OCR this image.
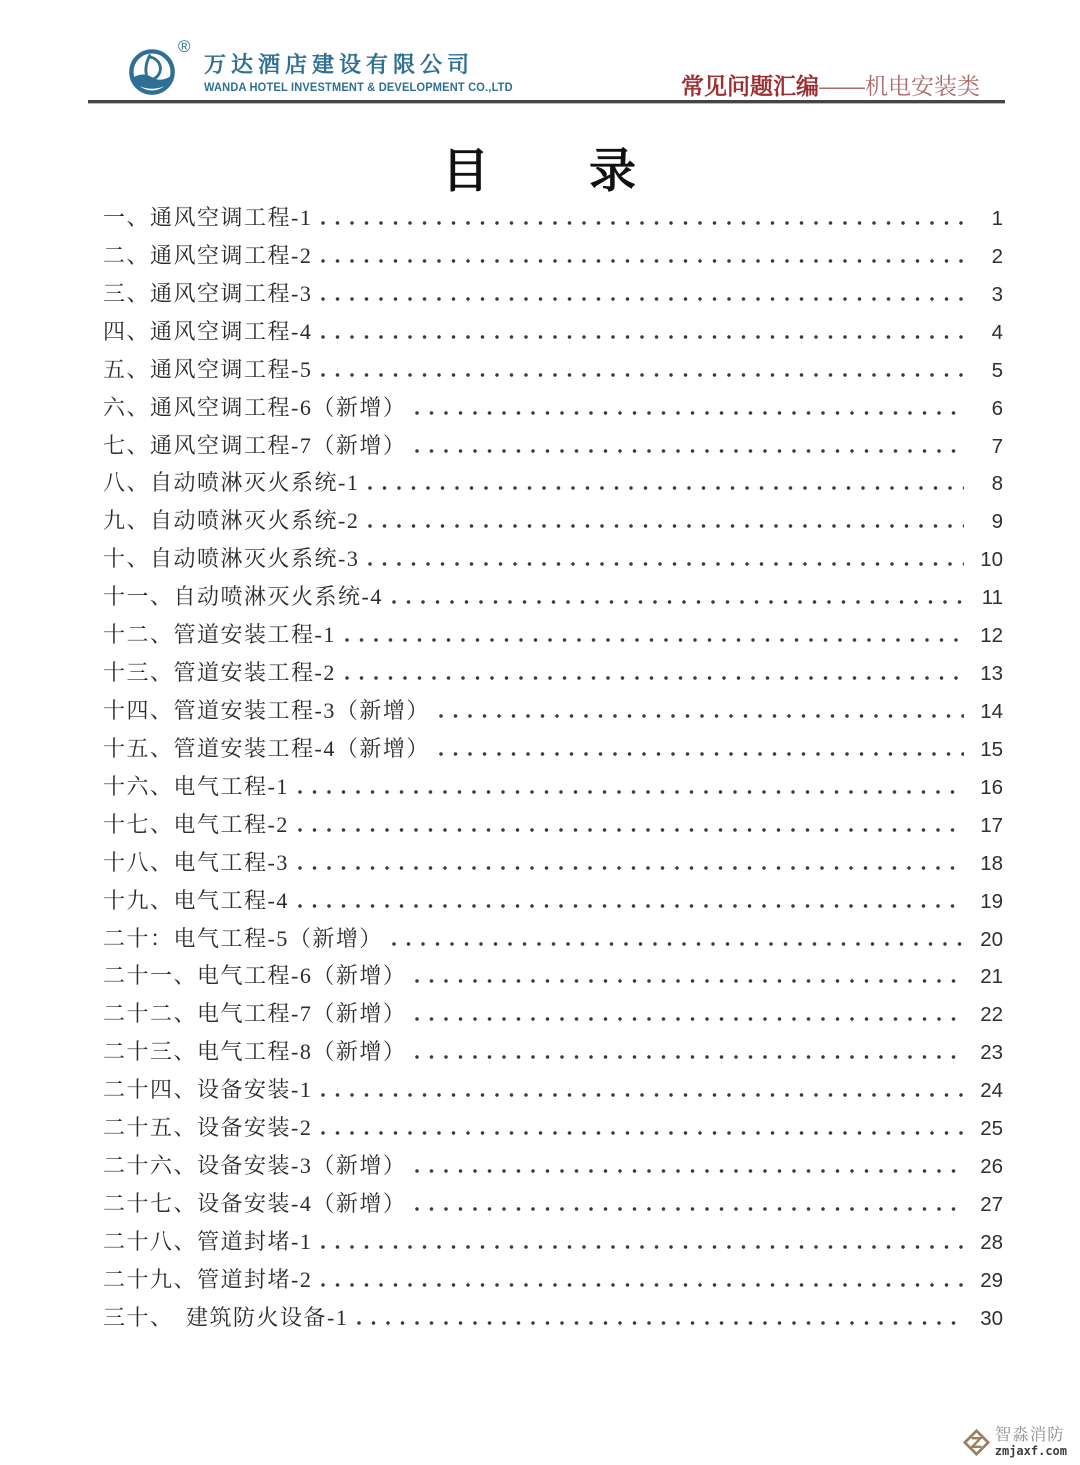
®
万达酒店建设有限公司
WANDA HOTEL INVESTMENT & DEVELOPMENT CO.,LTD	常见问题汇编——机电安装类
目　　录
一、通风空调工程-1	1
二、通风空调工程-2	2
三、通风空调工程-3	3
四、通风空调工程-4	4
五、通风空调工程-5	5
六、通风空调工程-6（新增）	6
七、通风空调工程-7（新增）	7
八、自动喷淋灭火系统-1	8
九、自动喷淋灭火系统-2	9
十、自动喷淋灭火系统-3	10
十一、自动喷淋灭火系统-4	11
十二、管道安装工程-1	12
十三、管道安装工程-2	13
十四、管道安装工程-3（新增）	14
十五、管道安装工程-4（新增）	15
十六、电气工程-1	16
十七、电气工程-2	17
十八、电气工程-3	18
十九、电气工程-4	19
二十：电气工程-5（新增）	20
二十一、电气工程-6（新增）	21
二十二、电气工程-7（新增）	22
二十三、电气工程-8（新增）	23
二十四、设备安装-1	24
二十五、设备安装-2	25
二十六、设备安装-3（新增）	26
二十七、设备安装-4（新增）	27
二十八、管道封堵-1	28
二十九、管道封堵-2	29
三十、　建筑防火设备-1	30
智淼消防
zmjaxf.com
